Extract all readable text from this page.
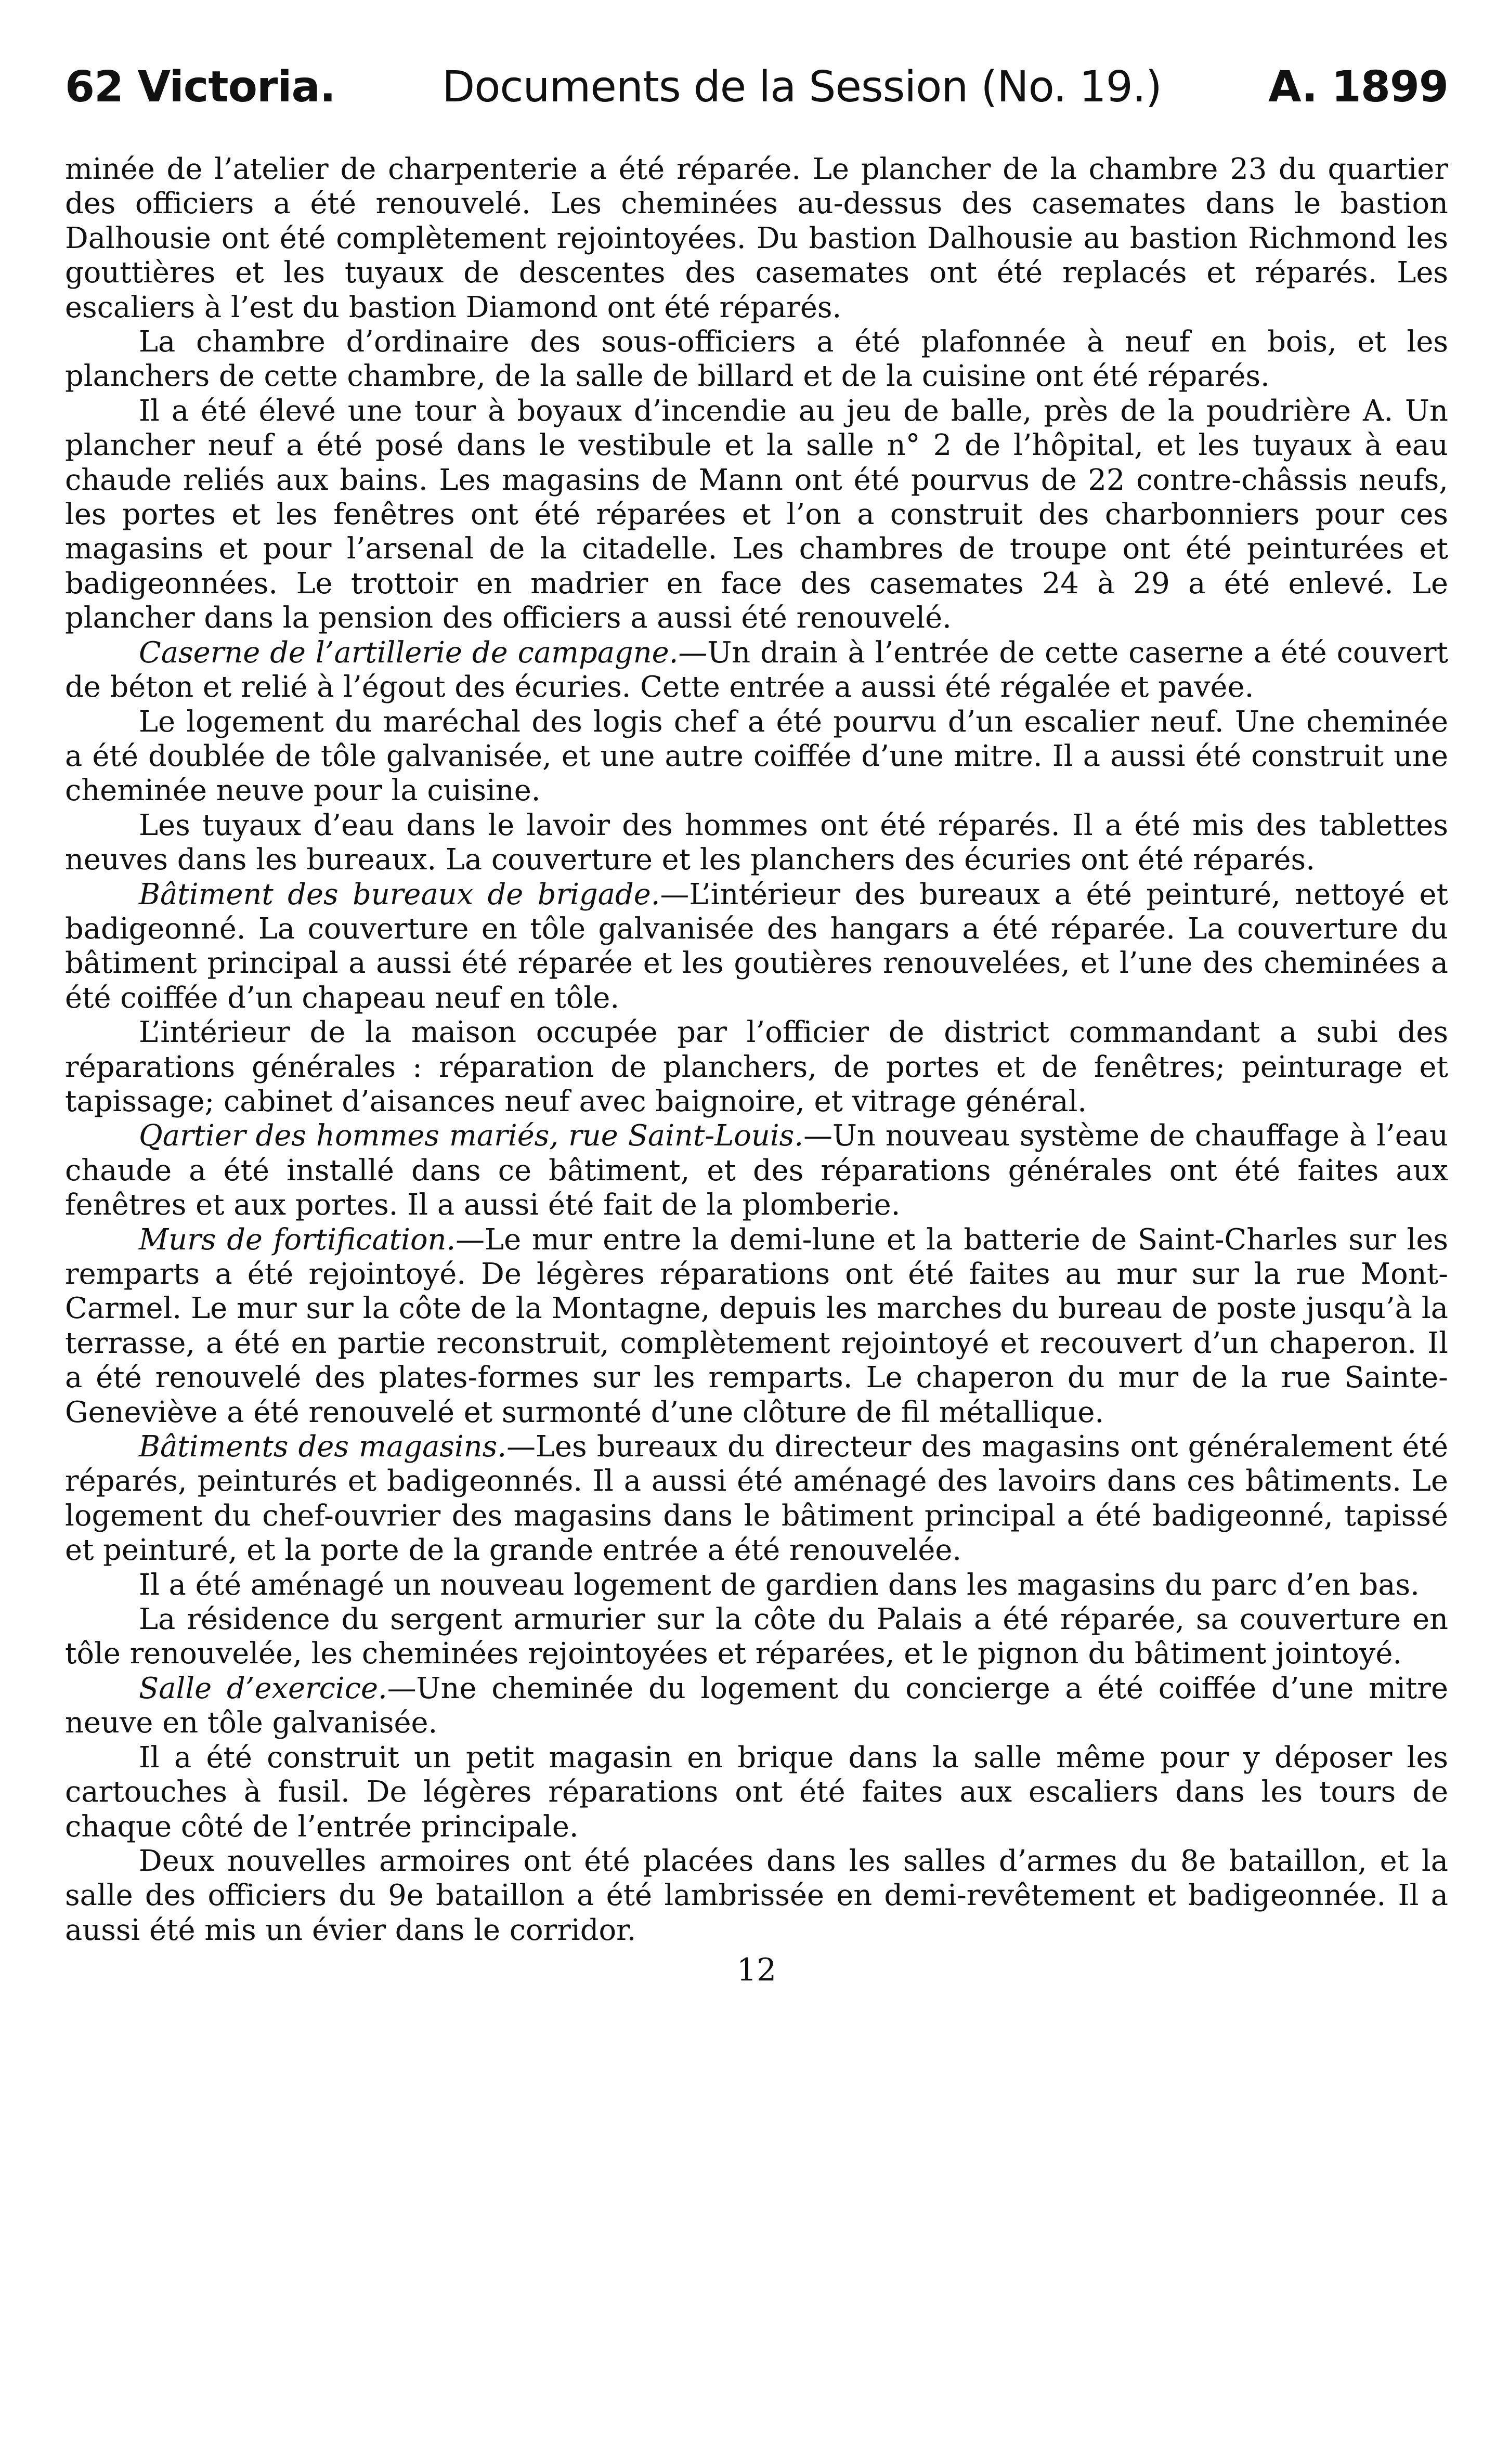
62 Victoria.	Documents de la Session (No. 19.)	A. 1899

minée de l’atelier de charpenterie a été réparée. Le plancher de la chambre 23 du quartier des officiers a été renouvelé. Les cheminées au-dessus des casemates dans le bastion Dalhousie ont été complètement rejointoyées. Du bastion Dalhousie au bastion Richmond les gouttières et les tuyaux de descentes des casemates ont été replacés et réparés. Les escaliers à l’est du bastion Diamond ont été réparés.

La chambre d’ordinaire des sous-officiers a été plafonnée à neuf en bois, et les planchers de cette chambre, de la salle de billard et de la cuisine ont été réparés.

Il a été élevé une tour à boyaux d’incendie au jeu de balle, près de la poudrière A. Un plancher neuf a été posé dans le vestibule et la salle n° 2 de l’hôpital, et les tuyaux à eau chaude reliés aux bains. Les magasins de Mann ont été pourvus de 22 contre-châssis neufs, les portes et les fenêtres ont été réparées et l’on a construit des charbonniers pour ces magasins et pour l’arsenal de la citadelle. Les chambres de troupe ont été peinturées et badigeonnées. Le trottoir en madrier en face des casemates 24 à 29 a été enlevé. Le plancher dans la pension des officiers a aussi été renouvelé.

Caserne de l’artillerie de campagne.—Un drain à l’entrée de cette caserne a été couvert de béton et relié à l’égout des écuries. Cette entrée a aussi été régalée et pavée.

Le logement du maréchal des logis chef a été pourvu d’un escalier neuf. Une cheminée a été doublée de tôle galvanisée, et une autre coiffée d’une mitre. Il a aussi été construit une cheminée neuve pour la cuisine.

Les tuyaux d’eau dans le lavoir des hommes ont été réparés. Il a été mis des tablettes neuves dans les bureaux. La couverture et les planchers des écuries ont été réparés.

Bâtiment des bureaux de brigade.—L’intérieur des bureaux a été peinturé, nettoyé et badigeonné. La couverture en tôle galvanisée des hangars a été réparée. La couverture du bâtiment principal a aussi été réparée et les goutières renouvelées, et l’une des cheminées a été coiffée d’un chapeau neuf en tôle.

L’intérieur de la maison occupée par l’officier de district commandant a subi des réparations générales : réparation de planchers, de portes et de fenêtres; peinturage et tapissage; cabinet d’aisances neuf avec baignoire, et vitrage général.

Qartier des hommes mariés, rue Saint-Louis.—Un nouveau système de chauffage à l’eau chaude a été installé dans ce bâtiment, et des réparations générales ont été faites aux fenêtres et aux portes. Il a aussi été fait de la plomberie.

Murs de fortification.—Le mur entre la demi-lune et la batterie de Saint-Charles sur les remparts a été rejointoyé. De légères réparations ont été faites au mur sur la rue Mont-Carmel. Le mur sur la côte de la Montagne, depuis les marches du bureau de poste jusqu’à la terrasse, a été en partie reconstruit, complètement rejointoyé et recouvert d’un chaperon. Il a été renouvelé des plates-formes sur les remparts. Le chaperon du mur de la rue Sainte-Geneviève a été renouvelé et surmonté d’une clôture de fil métallique.

Bâtiments des magasins.—Les bureaux du directeur des magasins ont généralement été réparés, peinturés et badigeonnés. Il a aussi été aménagé des lavoirs dans ces bâtiments. Le logement du chef-ouvrier des magasins dans le bâtiment principal a été badigeonné, tapissé et peinturé, et la porte de la grande entrée a été renouvelée.

Il a été aménagé un nouveau logement de gardien dans les magasins du parc d’en bas.

La résidence du sergent armurier sur la côte du Palais a été réparée, sa couverture en tôle renouvelée, les cheminées rejointoyées et réparées, et le pignon du bâtiment jointoyé.

Salle d’exercice.—Une cheminée du logement du concierge a été coiffée d’une mitre neuve en tôle galvanisée.

Il a été construit un petit magasin en brique dans la salle même pour y déposer les cartouches à fusil. De légères réparations ont été faites aux escaliers dans les tours de chaque côté de l’entrée principale.

Deux nouvelles armoires ont été placées dans les salles d’armes du 8e bataillon, et la salle des officiers du 9e bataillon a été lambrissée en demi-revêtement et badigeonnée. Il a aussi été mis un évier dans le corridor.

12
